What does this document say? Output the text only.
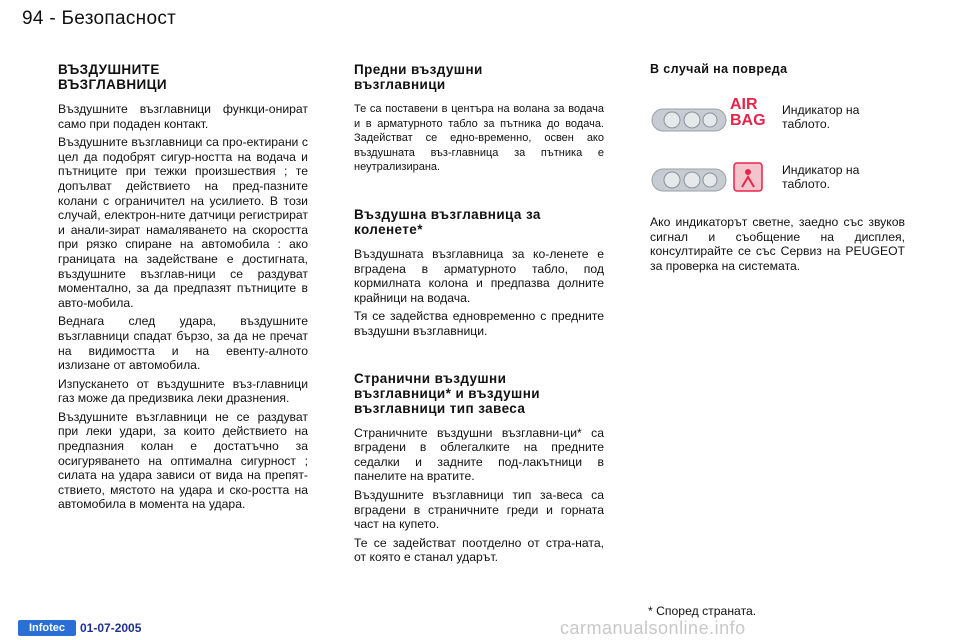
94 - Безопасност
ВЪЗДУШНИТЕ ВЪЗГЛАВНИЦИ

Въздушните възглавници функци-онират само при подаден контакт.

Въздушните възглавници са про-ектирани с цел да подобрят сигур-ността на водача и пътниците при тежки произшествия ; те допълват действието на пред-пазните колани с ограничител на усилието. В този случай, електрон-ните датчици регистрират и анали-зират намаляването на скоростта при рязко спиране на автомобила : ако границата на задействане е достигната, въздушните възглав-ници се раздуват моментално, за да предпазят пътниците в авто-мобила.

Веднага след удара, въздушните възглавници спадат бързо, за да не пречат на видимостта и на евенту-алното излизане от автомобила.

Изпускането от въздушните въз-главници газ може да предизвика леки дразнения.

Въздушните възглавници не се раздуват при леки удари, за които действието на предпазния колан е достатъчно за осигуряването на оптимална сигурност ; силата на удара зависи от вида на препят-ствието, мястото на удара и ско-ростта на автомобила в момента на удара.

Предни въздушни възглавници

Те са поставени в центъра на волана за водача и в арматурното табло за пътника до водача. Задействат се едно-временно, освен ако въздушната въз-главница за пътника е неутрализирана.

Въздушна възглавница за коленете*

Въздушната възглавница за ко-ленете е вградена в арматурното табло, под кормилната колона и предпазва долните крайници на водача.

Тя се задейства едновременно с предните въздушни възглавници.

Странични въздушни възглавници* и въздушни възглавници тип завеса

Страничните въздушни възглавни-ци* са вградени в облегалките на предните седалки и задните под-лакътници в панелите на вратите.

Въздушните възглавници тип за-веса са вградени в страничните греди и горната част на купето.

Те се задействат поотделно от стра-ната, от която е станал ударът.

В случай на повреда
AIR
BAG
Индикатор на таблото.
Индикатор на таблото.

Ако индикаторът светне, заедно със звуков сигнал и съобщение на дисплея, консултирайте се със Сервиз на PEUGEOT за проверка на системата.

* Според страната.
Infotec	01-07-2005	carmanualsonline.info
